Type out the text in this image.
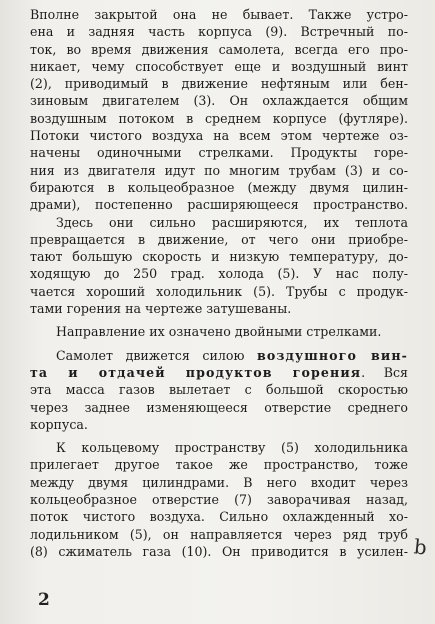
Вполне закрытой она не бывает. Также устро-
ена и задняя часть корпуса (9). Встречный по-
ток, во время движения самолета, всегда его про-
никает, чему способствует еще и воздушный винт
(2), приводимый в движение нефтяным или бен-
зиновым двигателем (3). Он охлаждается общим
воздушным потоком в среднем корпусе (футляре).
Потоки чистого воздуха на всем этом чертеже оз-
начены одиночными стрелками. Продукты горе-
ния из двигателя идут по многим трубам (3) и со-
бираются в кольцеобразное (между двумя цилин-
драми), постепенно расширяющееся пространство.
Здесь они сильно расширяются, их теплота
превращается в движение, от чего они приобре-
тают большую скорость и низкую температуру, до-
ходящую до 250 град. холода (5). У нас полу-
чается хороший холодильник (5). Трубы с продук-
тами горения на чертеже затушеваны.
Направление их означено двойными стрелками.
Самолет движется силою воздушного вин-
та и отдачей продуктов горения. Вся
эта масса газов вылетает с большой скоростью
через заднее изменяющееся отверстие среднего
корпуса.
К кольцевому пространству (5) холодильника
прилегает другое такое же пространство, тоже
между двумя цилиндрами. В него входит через
кольцеобразное отверстие (7) заворачивая назад,
поток чистого воздуха. Сильно охлажденный хо-
лодильником (5), он направляется через ряд труб
(8) сжиматель газа (10). Он приводится в усилен- b
2
